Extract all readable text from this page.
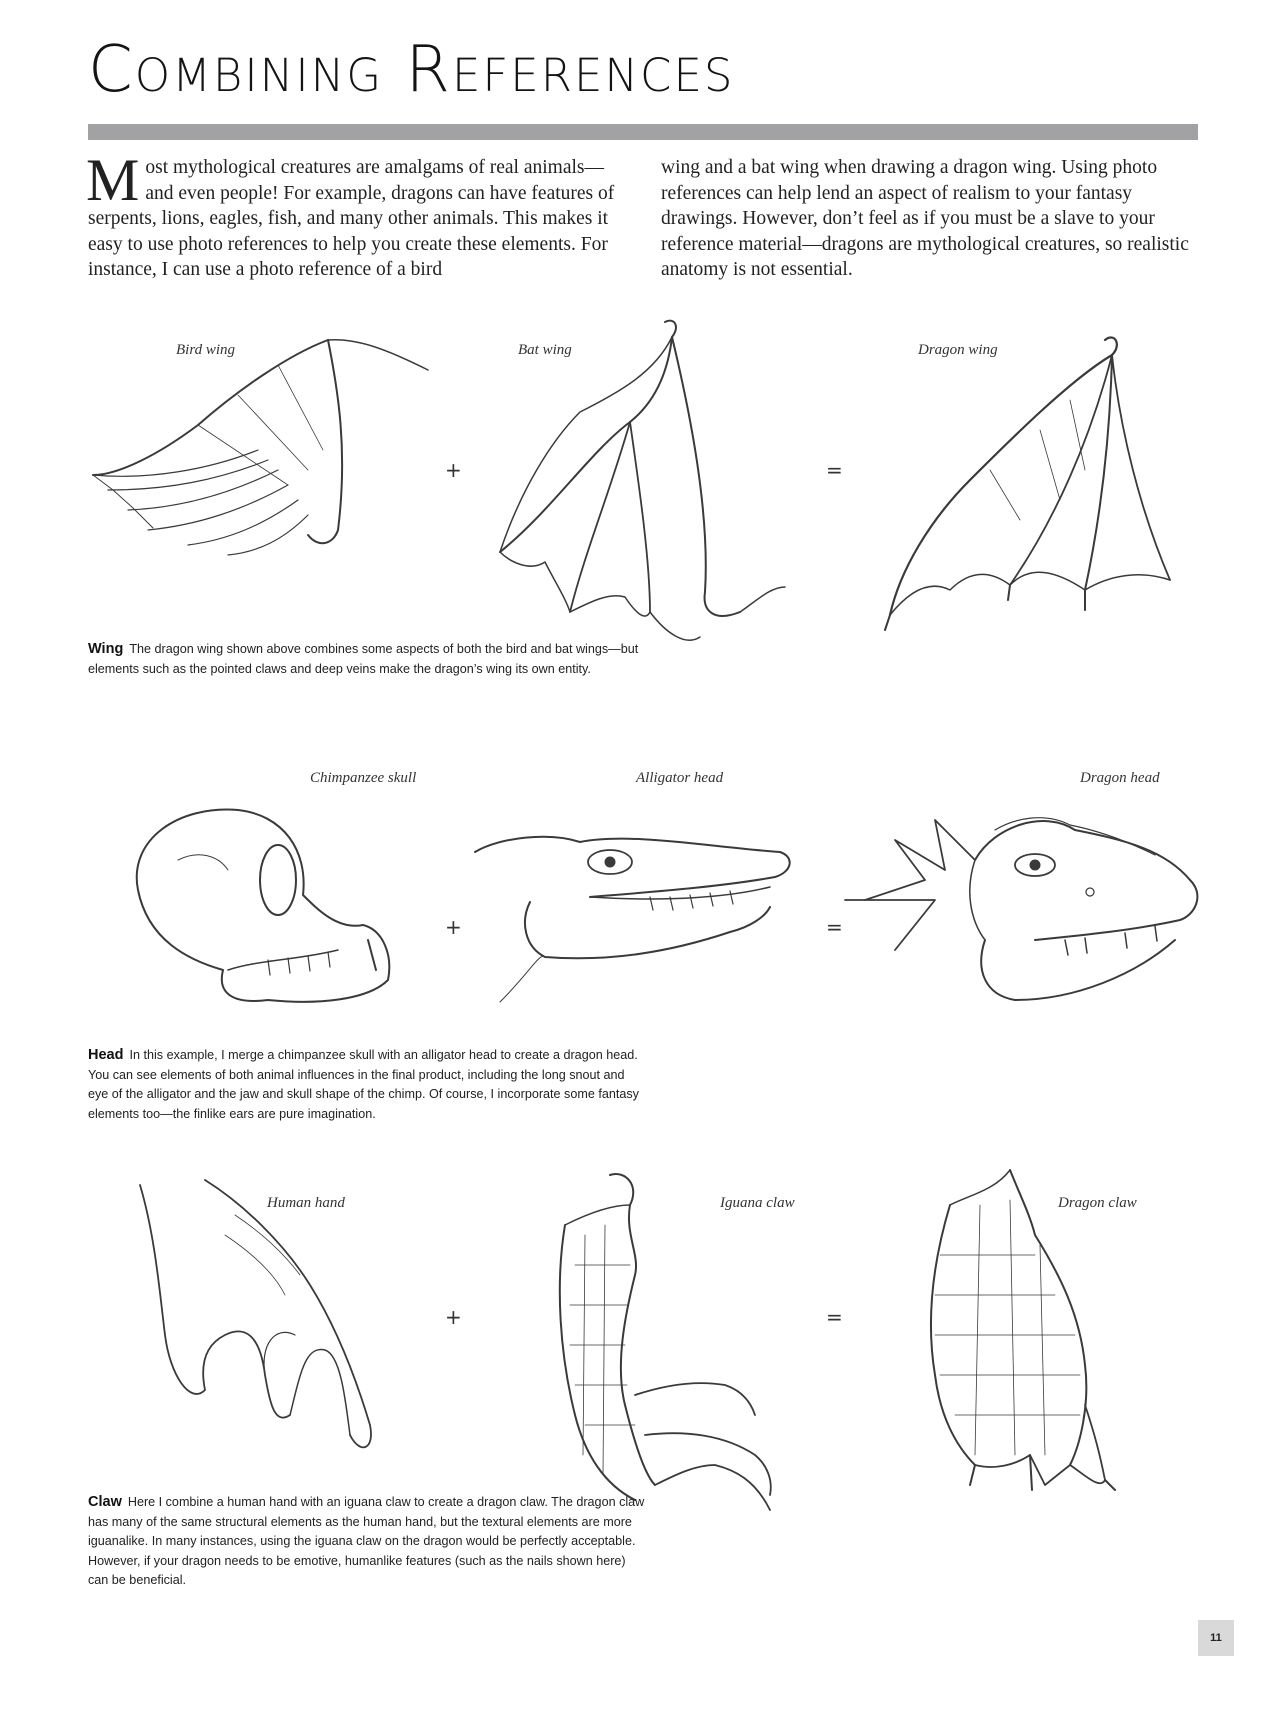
Combining References
Most mythological creatures are amalgams of real animals—and even people! For example, dragons can have features of serpents, lions, eagles, fish, and many other animals. This makes it easy to use photo references to help you create these elements. For instance, I can use a photo reference of a bird
wing and a bat wing when drawing a dragon wing. Using photo references can help lend an aspect of realism to your fantasy drawings. However, don’t feel as if you must be a slave to your reference material—dragons are mythological creatures, so realistic anatomy is not essential.
Bird wing	Bat wing	Dragon wing
+	=
Wing The dragon wing shown above combines some aspects of both the bird and bat wings—but elements such as the pointed claws and deep veins make the dragon’s wing its own entity.
Chimpanzee skull	Alligator head	Dragon head
+	=
Head In this example, I merge a chimpanzee skull with an alligator head to create a dragon head. You can see elements of both animal influences in the final product, including the long snout and eye of the alligator and the jaw and skull shape of the chimp. Of course, I incorporate some fantasy elements too—the finlike ears are pure imagination.
Human hand	Iguana claw	Dragon claw
+	=
Claw Here I combine a human hand with an iguana claw to create a dragon claw. The dragon claw has many of the same structural elements as the human hand, but the textural elements are more iguanalike. In many instances, using the iguana claw on the dragon would be perfectly acceptable. However, if your dragon needs to be emotive, humanlike features (such as the nails shown here) can be beneficial.
11
